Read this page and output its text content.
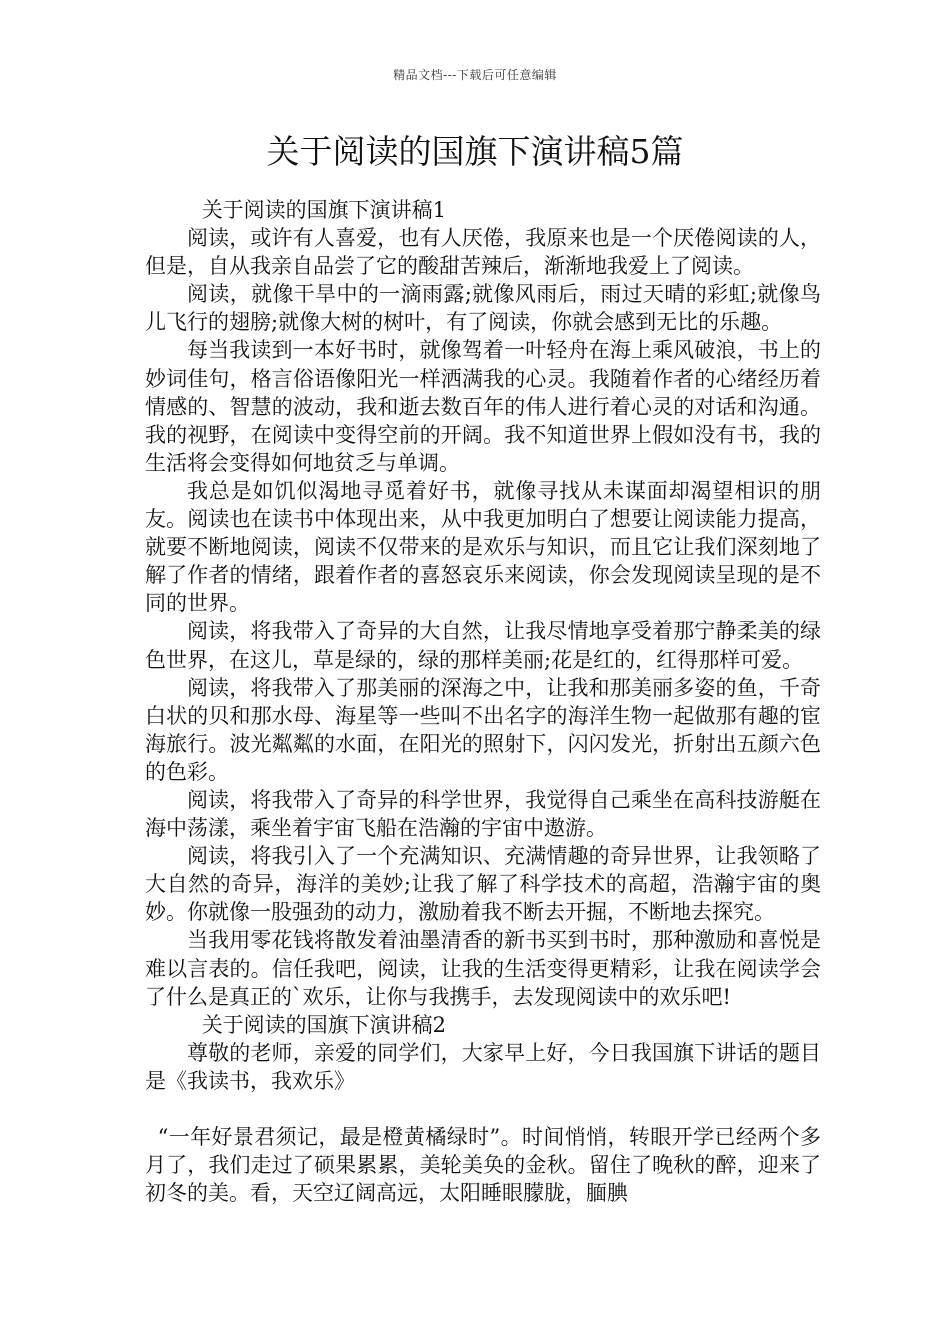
精品文档---下载后可任意编辑
关于阅读的国旗下演讲稿5篇

关于阅读的国旗下演讲稿1

阅读，或许有人喜爱，也有人厌倦，我原来也是一个厌倦阅读的人，但是，自从我亲自品尝了它的酸甜苦辣后，渐渐地我爱上了阅读。

阅读，就像干旱中的一滴雨露;就像风雨后，雨过天晴的彩虹;就像鸟儿飞行的翅膀;就像大树的树叶，有了阅读，你就会感到无比的乐趣。

每当我读到一本好书时，就像驾着一叶轻舟在海上乘风破浪，书上的妙词佳句，格言俗语像阳光一样洒满我的心灵。我随着作者的心绪经历着情感的、智慧的波动，我和逝去数百年的伟人进行着心灵的对话和沟通。我的视野，在阅读中变得空前的开阔。我不知道世界上假如没有书，我的生活将会变得如何地贫乏与单调。

我总是如饥似渴地寻觅着好书，就像寻找从未谋面却渴望相识的朋友。阅读也在读书中体现出来，从中我更加明白了想要让阅读能力提高，就要不断地阅读，阅读不仅带来的是欢乐与知识，而且它让我们深刻地了解了作者的情绪，跟着作者的喜怒哀乐来阅读，你会发现阅读呈现的是不同的世界。

阅读，将我带入了奇异的大自然，让我尽情地享受着那宁静柔美的绿色世界，在这儿，草是绿的，绿的那样美丽;花是红的，红得那样可爱。

阅读，将我带入了那美丽的深海之中，让我和那美丽多姿的鱼，千奇白状的贝和那水母、海星等一些叫不出名字的海洋生物一起做那有趣的宦海旅行。波光粼粼的水面，在阳光的照射下，闪闪发光，折射出五颜六色的色彩。

阅读，将我带入了奇异的科学世界，我觉得自己乘坐在高科技游艇在海中荡漾，乘坐着宇宙飞船在浩瀚的宇宙中遨游。

阅读，将我引入了一个充满知识、充满情趣的奇异世界，让我领略了大自然的奇异，海洋的美妙;让我了解了科学技术的高超，浩瀚宇宙的奥妙。你就像一股强劲的动力，激励着我不断去开掘，不断地去探究。

当我用零花钱将散发着油墨清香的新书买到书时，那种激励和喜悦是难以言表的。信任我吧，阅读，让我的生活变得更精彩，让我在阅读学会了什么是真正的`欢乐，让你与我携手，去发现阅读中的欢乐吧!

关于阅读的国旗下演讲稿2

尊敬的老师，亲爱的同学们，大家早上好，今日我国旗下讲话的题目是《我读书，我欢乐》

“一年好景君须记，最是橙黄橘绿时”。时间悄悄，转眼开学已经两个多月了，我们走过了硕果累累，美轮美奂的金秋。留住了晚秋的醉，迎来了初冬的美。看，天空辽阔高远，太阳睡眼朦胧，腼腆
